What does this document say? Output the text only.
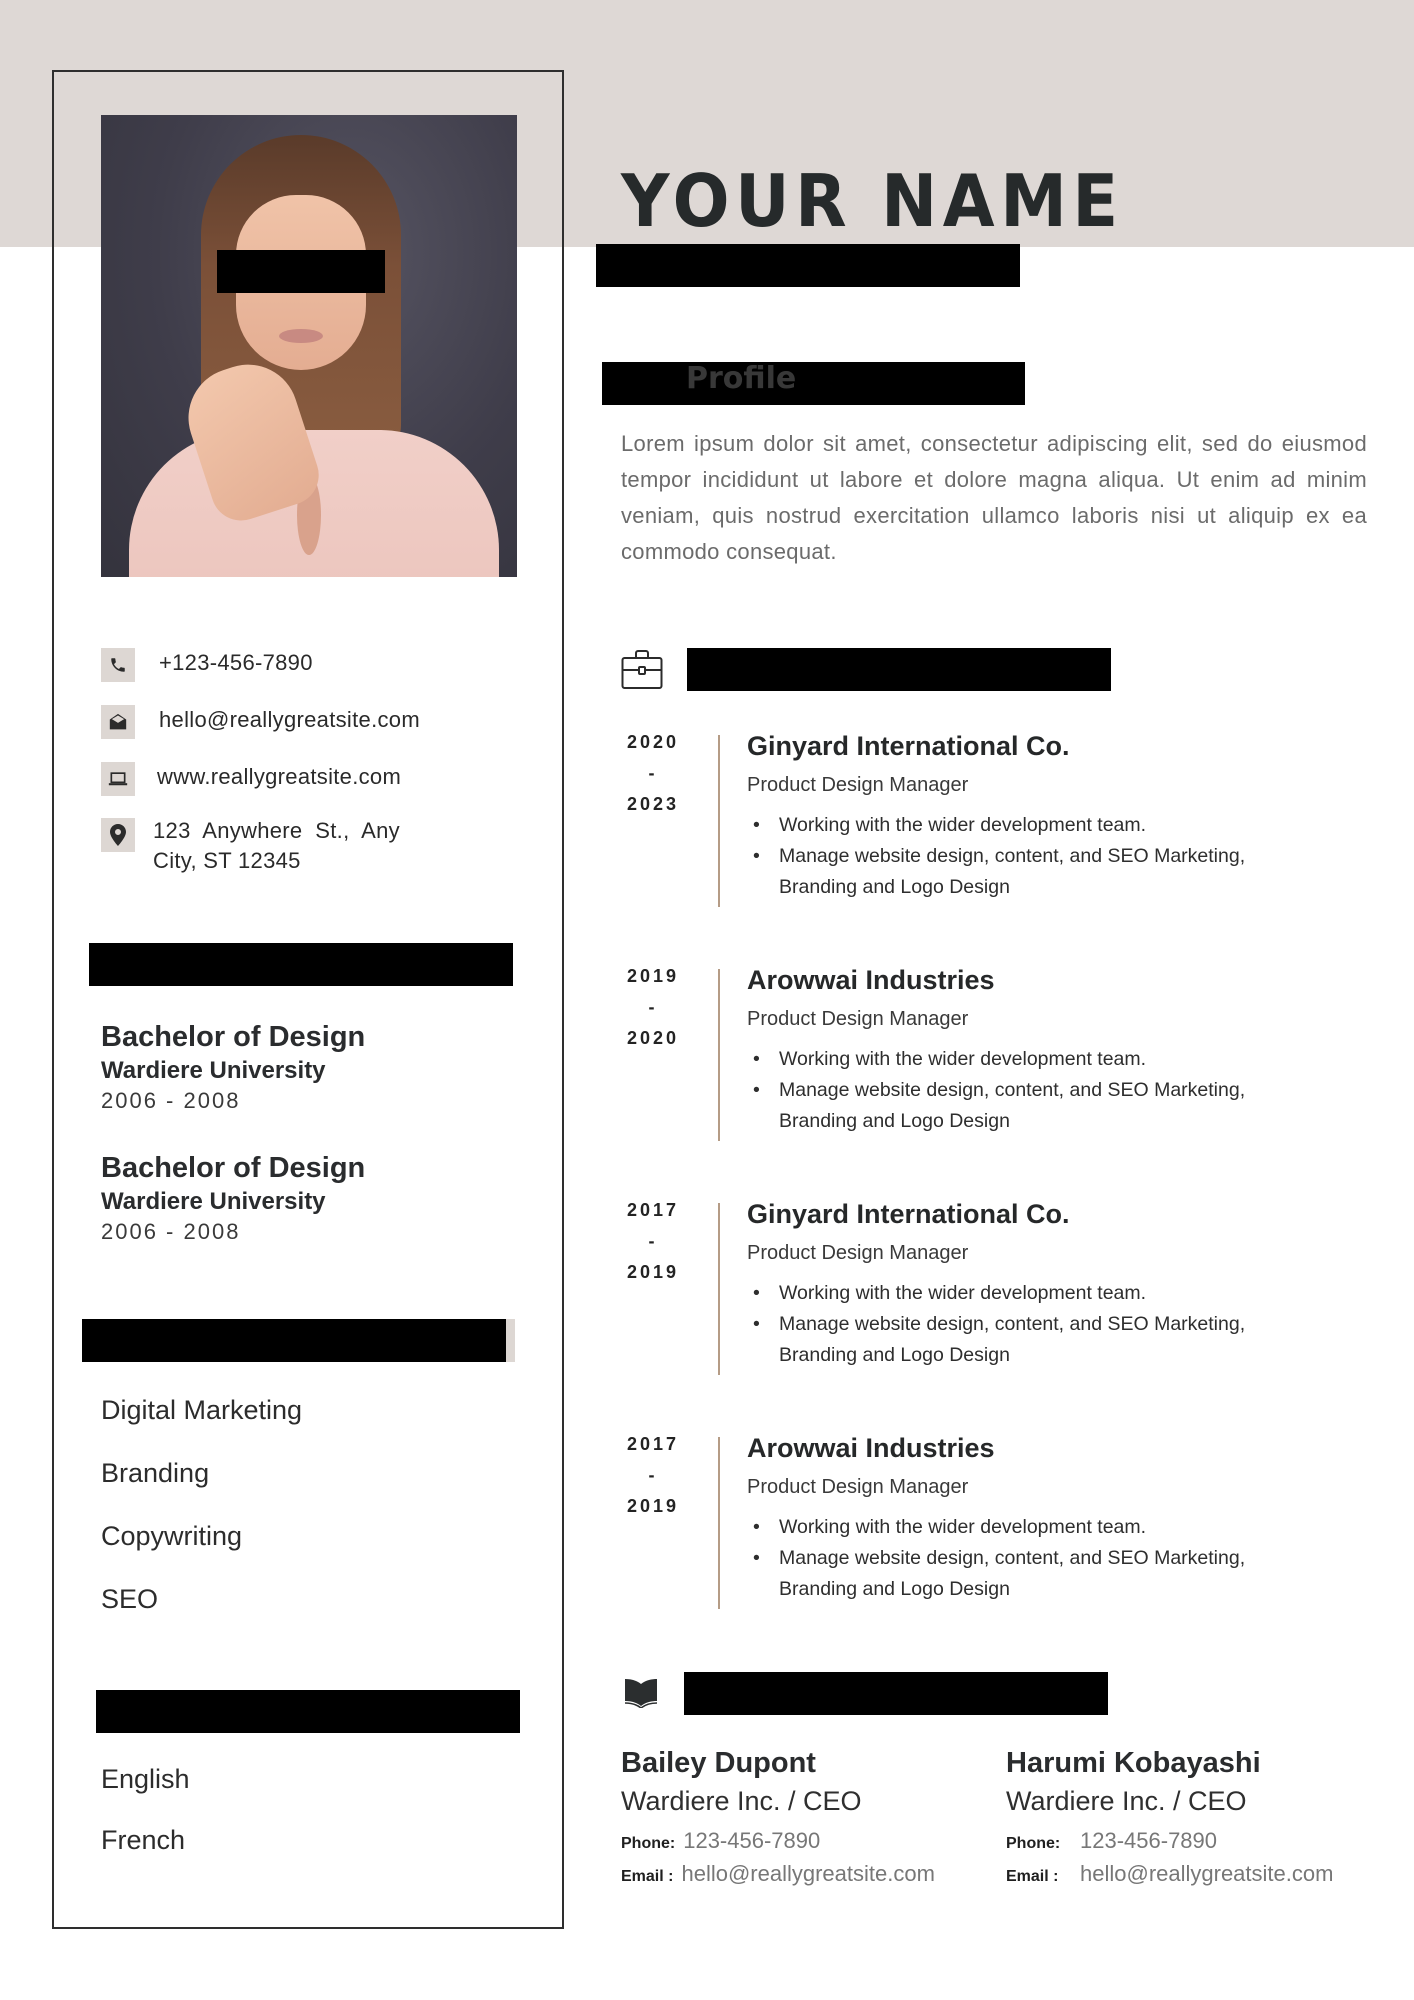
YOUR NAME
Profile

Lorem ipsum dolor sit amet, consectetur adipiscing elit, sed do eiusmod tempor incididunt ut labore et dolore magna aliqua. Ut enim ad minim veniam, quis nostrud exercitation ullamco laboris nisi ut aliquip ex ea commodo consequat.

+123-456-7890
hello@reallygreatsite.com
www.reallygreatsite.com
123  Anywhere  St.,  Any
City, ST 12345
Bachelor of Design
Wardiere University
2006 - 2008
Bachelor of Design
Wardiere University
2006 - 2008
Digital Marketing
Branding
Copywriting
SEO
English
French
2020
-
2023
Ginyard International Co.
Product Design Manager
• Working with the wider development team.
• Manage website design, content, and SEO Marketing, Branding and Logo Design
2019
-
2020
Arowwai Industries
Product Design Manager
• Working with the wider development team.
• Manage website design, content, and SEO Marketing, Branding and Logo Design
2017
-
2019
Ginyard International Co.
Product Design Manager
• Working with the wider development team.
• Manage website design, content, and SEO Marketing, Branding and Logo Design
2017
-
2019
Arowwai Industries
Product Design Manager
• Working with the wider development team.
• Manage website design, content, and SEO Marketing, Branding and Logo Design
Bailey Dupont
Wardiere Inc. / CEO
Phone: 123-456-7890
Email : hello@reallygreatsite.com
Harumi Kobayashi
Wardiere Inc. / CEO
Phone: 123-456-7890
Email : hello@reallygreatsite.com
